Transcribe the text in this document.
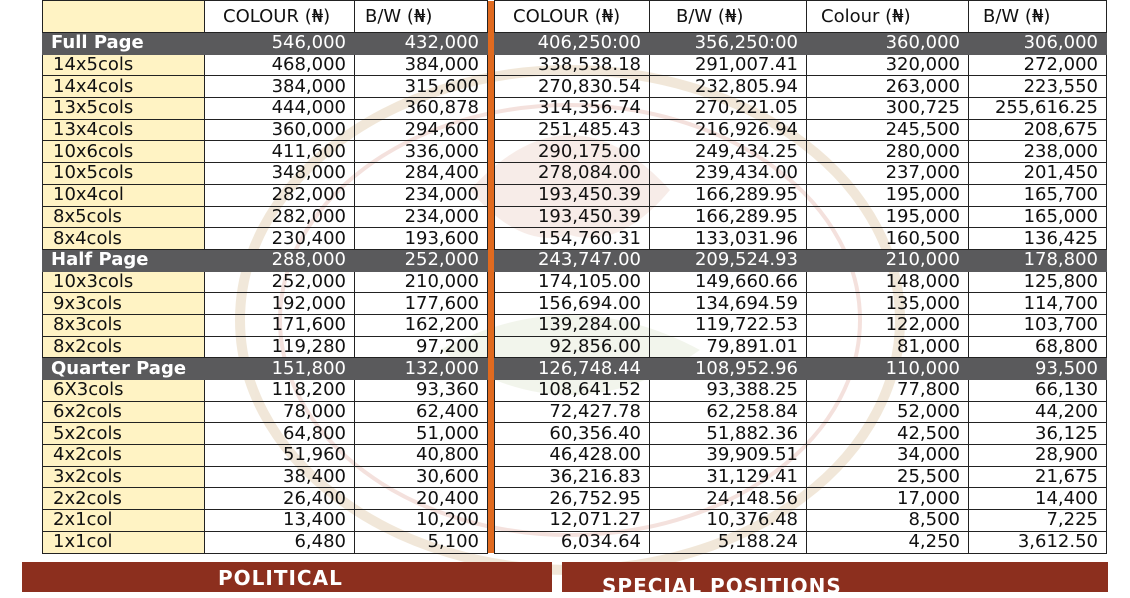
	COLOUR (₦)	B/W (₦)		COLOUR (₦)	B/W (₦)	Colour (₦)	B/W (₦)
Full Page	546,000	432,000		406,250:00	356,250:00	360,000	306,000
14x5cols	468,000	384,000		338,538.18	291,007.41	320,000	272,000
14x4cols	384,000	315,600		270,830.54	232,805.94	263,000	223,550
13x5cols	444,000	360,878		314,356.74	270,221.05	300,725	255,616.25
13x4cols	360,000	294,600		251,485.43	216,926.94	245,500	208,675
10x6cols	411,600	336,000		290,175.00	249,434.25	280,000	238,000
10x5cols	348,000	284,400		278,084.00	239,434.00	237,000	201,450
10x4col	282,000	234,000		193,450.39	166,289.95	195,000	165,700
8x5cols	282,000	234,000		193,450.39	166,289.95	195,000	165,000
8x4cols	230,400	193,600		154,760.31	133,031.96	160,500	136,425
Half Page	288,000	252,000		243,747.00	209,524.93	210,000	178,800
10x3cols	252,000	210,000		174,105.00	149,660.66	148,000	125,800
9x3cols	192,000	177,600		156,694.00	134,694.59	135,000	114,700
8x3cols	171,600	162,200		139,284.00	119,722.53	122,000	103,700
8x2cols	119,280	97,200		92,856.00	79,891.01	81,000	68,800
Quarter Page	151,800	132,000		126,748.44	108,952.96	110,000	93,500
6X3cols	118,200	93,360		108,641.52	93,388.25	77,800	66,130
6x2cols	78,000	62,400		72,427.78	62,258.84	52,000	44,200
5x2cols	64,800	51,000		60,356.40	51,882.36	42,500	36,125
4x2cols	51,960	40,800		46,428.00	39,909.51	34,000	28,900
3x2cols	38,400	30,600		36,216.83	31,129.41	25,500	21,675
2x2cols	26,400	20,400		26,752.95	24,148.56	17,000	14,400
2x1col	13,400	10,200		12,071.27	10,376.48	8,500	7,225
1x1col	6,480	5,100		6,034.64	5,188.24	4,250	3,612.50
POLITICAL	SPECIAL POSITIONS
